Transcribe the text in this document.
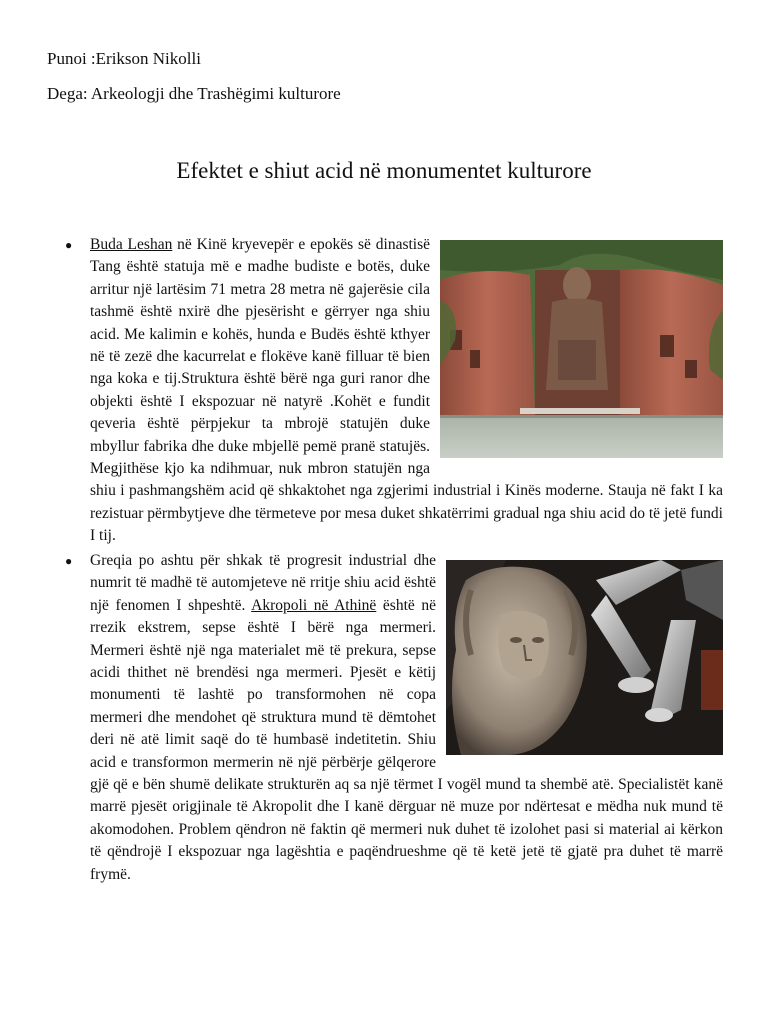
Punoi :Erikson Nikolli
Dega: Arkeologji dhe Trashëgimi kulturore
Efektet e shiut acid në monumentet kulturore
● Buda Leshan në Kinë kryevepër e epokës së dinastisë Tang është statuja më e madhe budiste e botës, duke arritur një lartësim 71 metra 28 metra në gajerësie cila tashmë është nxirë dhe pjesërisht e gërryer nga shiu acid. Me kalimin e kohës, hunda e Budës është kthyer në të zezë dhe kacurrelat e flokëve kanë filluar të bien nga koka e tij.Struktura është bërë nga guri ranor dhe objekti është I ekspozuar në natyrë .Kohët e fundit qeveria është përpjekur ta mbrojë statujën duke mbyllur fabrika dhe duke mbjellë pemë pranë statujës. Megjithëse kjo ka ndihmuar, nuk mbron statujën nga shiu i pashmangshëm acid që shkaktohet nga zgjerimi industrial i Kinës moderne. Stauja në fakt I ka rezistuar përmbytjeve dhe tërmeteve por mesa duket shkatërrimi gradual nga shiu acid do të jetë fundi I tij.

● Greqia po ashtu për shkak të progresit industrial dhe numrit të madhë të automjeteve në rritje shiu acid është një fenomen I shpeshtë. Akropoli në Athinë është në rrezik ekstrem, sepse është I bërë nga mermeri. Mermeri është një nga materialet më të prekura, sepse acidi thithet në brendësi nga mermeri. Pjesët e këtij monumenti të lashtë po transformohen në copa mermeri dhe mendohet që struktura mund të dëmtohet deri në atë limit saqë do të humbasë indetitetin. Shiu acid e transformon mermerin në një përbërje gëlqerore gjë që e bën shumë delikate strukturën aq sa një tërmet I vogël mund ta shembë atë. Specialistët kanë marrë pjesët origjinale të Akropolit dhe I kanë dërguar në muze por ndërtesat e mëdha nuk mund të akomodohen. Problem qëndron në faktin që mermeri nuk duhet të izolohet pasi si material ai kërkon të qëndrojë I ekspozuar nga lagështia e paqëndrueshme që të ketë jetë të gjatë pra duhet të marrë frymë.
